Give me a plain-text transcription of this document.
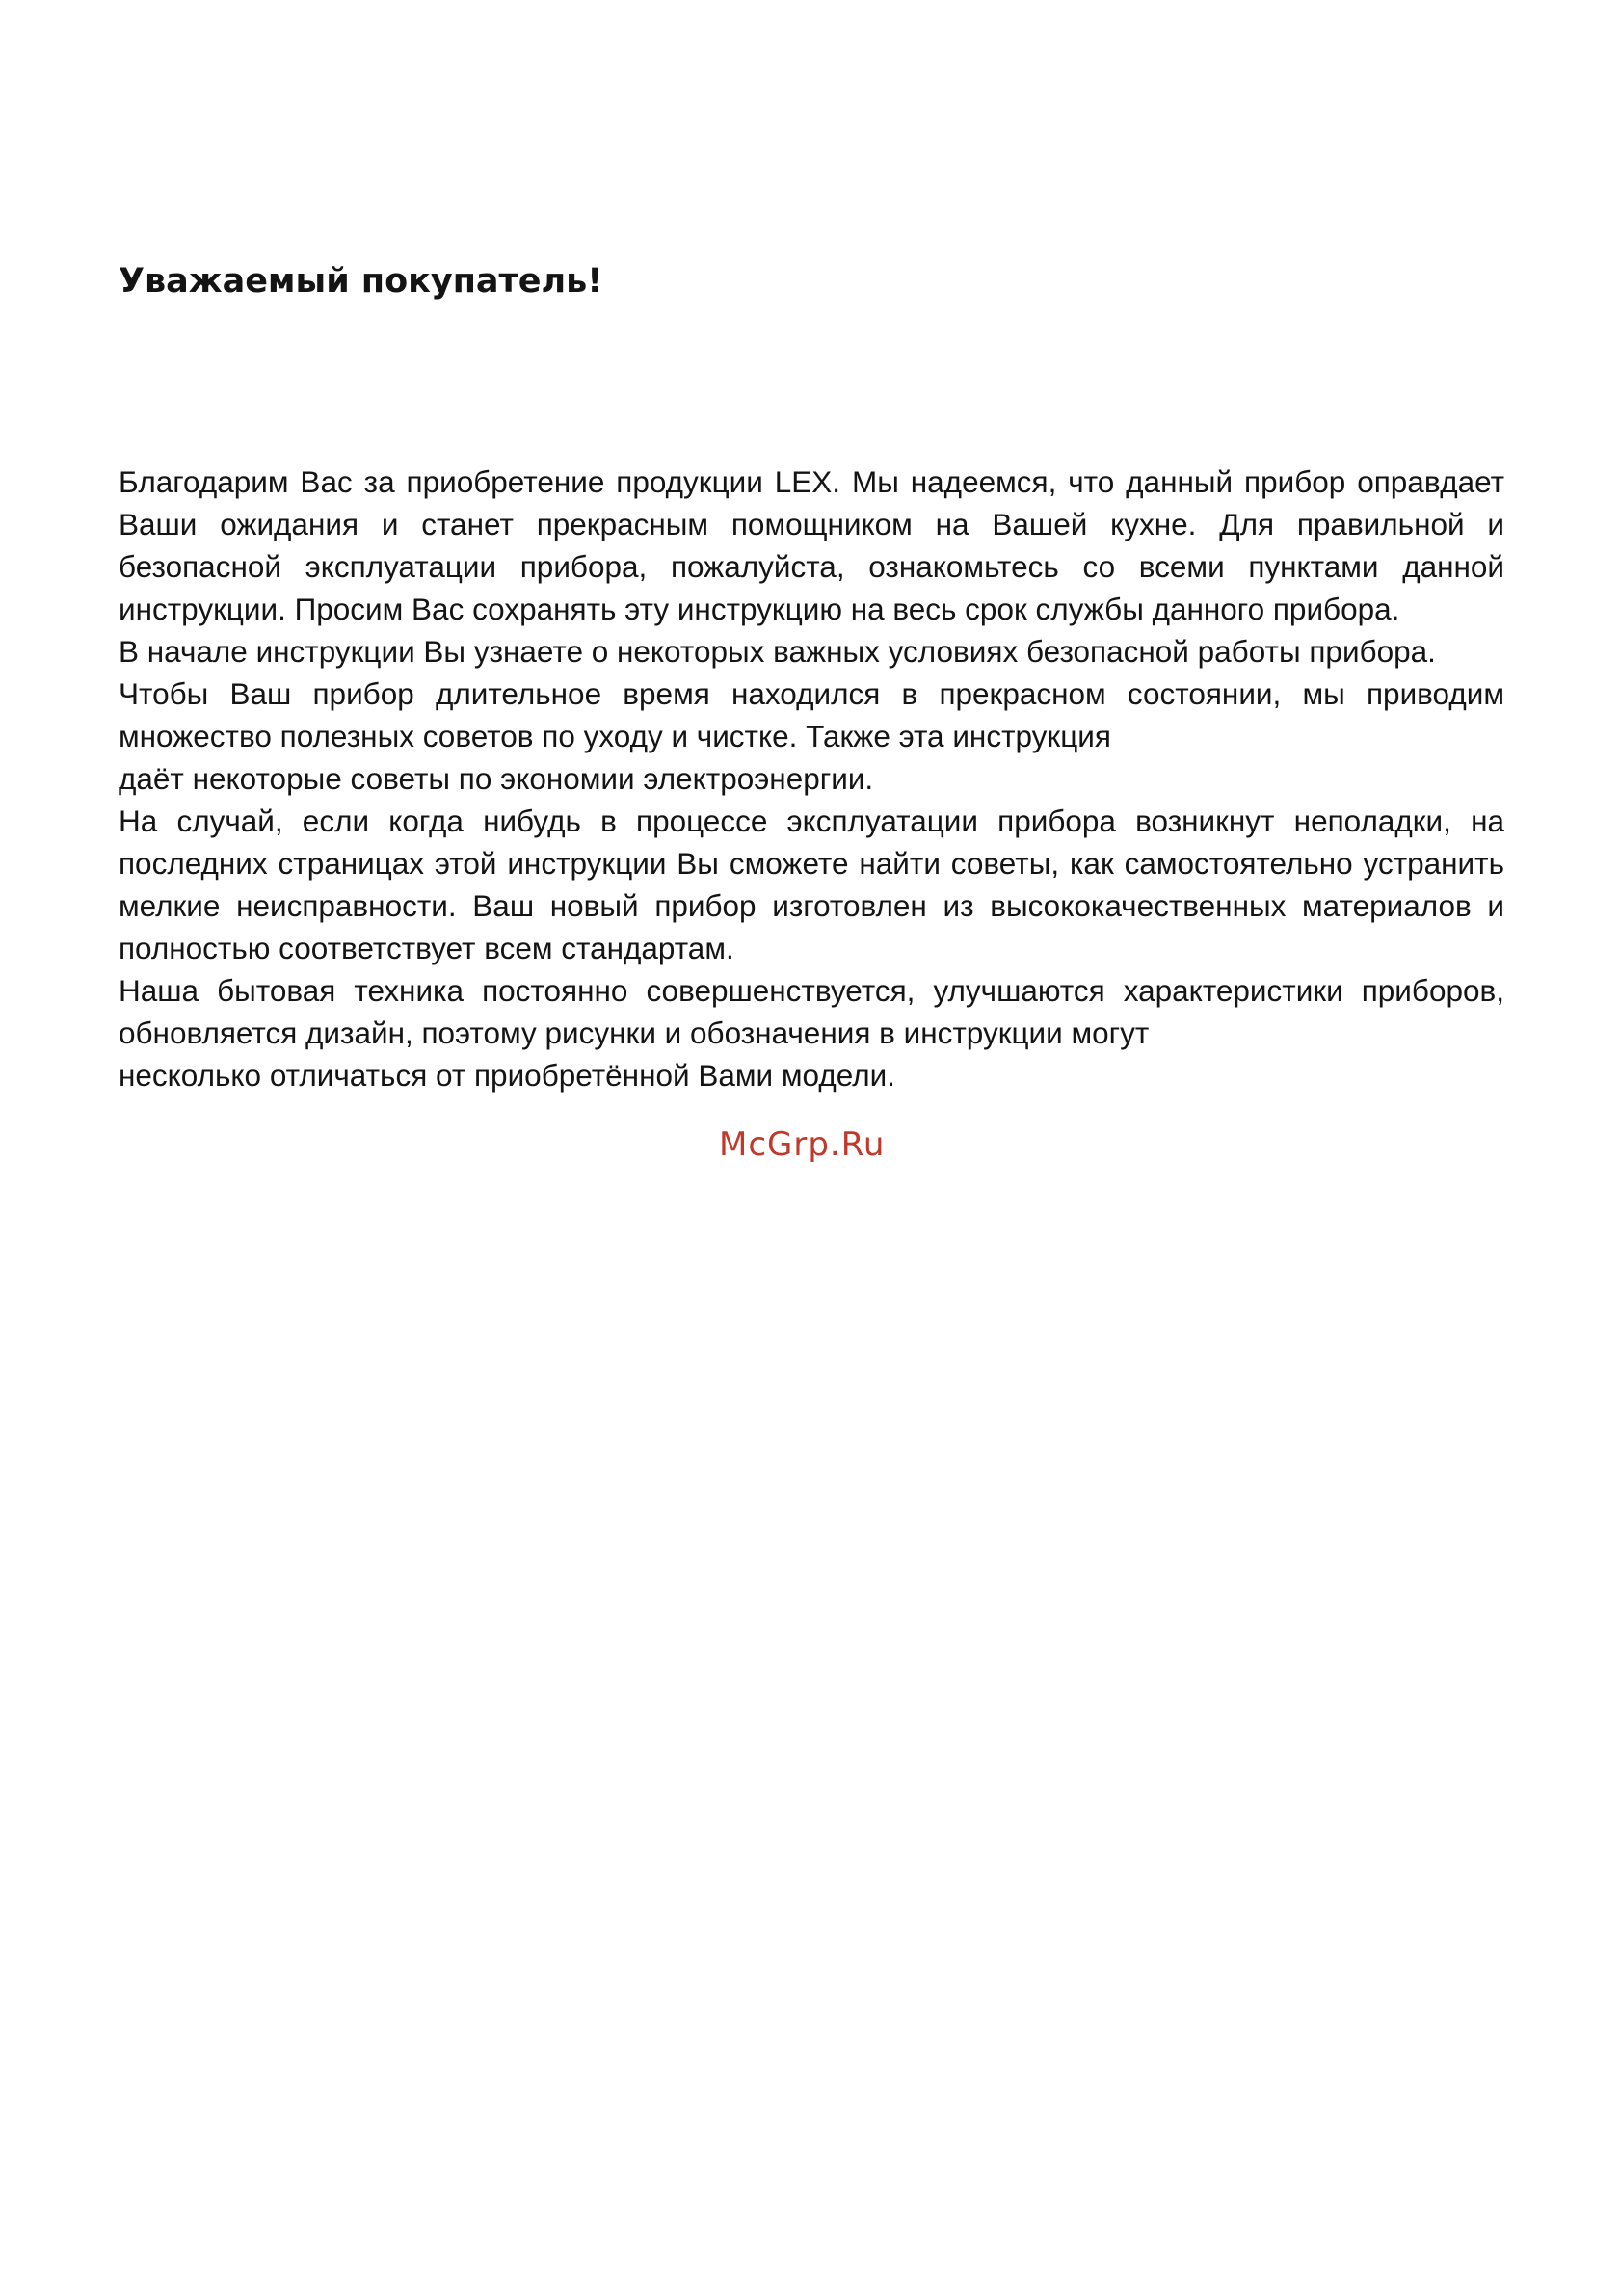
Уважаемый покупатель!

Благодарим Вас за приобретение продукции LEX. Мы надеемся, что данный прибор оправдает Ваши ожидания и станет прекрасным помощником на Вашей кухне. Для правильной и безопасной эксплуатации прибора, пожалуйста, ознакомьтесь со всеми пунктами данной инструкции. Просим Вас сохранять эту инструкцию на весь срок службы данного прибора.

В начале инструкции Вы узнаете о некоторых важных условиях безопасной работы прибора.

Чтобы Ваш прибор длительное время находился в прекрасном состоянии, мы приводим множество полезных советов по уходу и чистке. Также эта инструкция

даёт некоторые советы по экономии электроэнергии.

На случай, если когда нибудь в процессе эксплуатации прибора возникнут неполадки, на последних страницах этой инструкции Вы сможете найти советы, как самостоятельно устранить мелкие неисправности. Ваш новый прибор изготовлен из высококачественных материалов и полностью соответствует всем стандартам.

Наша бытовая техника постоянно совершенствуется, улучшаются характеристики приборов, обновляется дизайн, поэтому рисунки и обозначения в инструкции могут

несколько отличаться от приобретённой Вами модели.

McGrp.Ru
